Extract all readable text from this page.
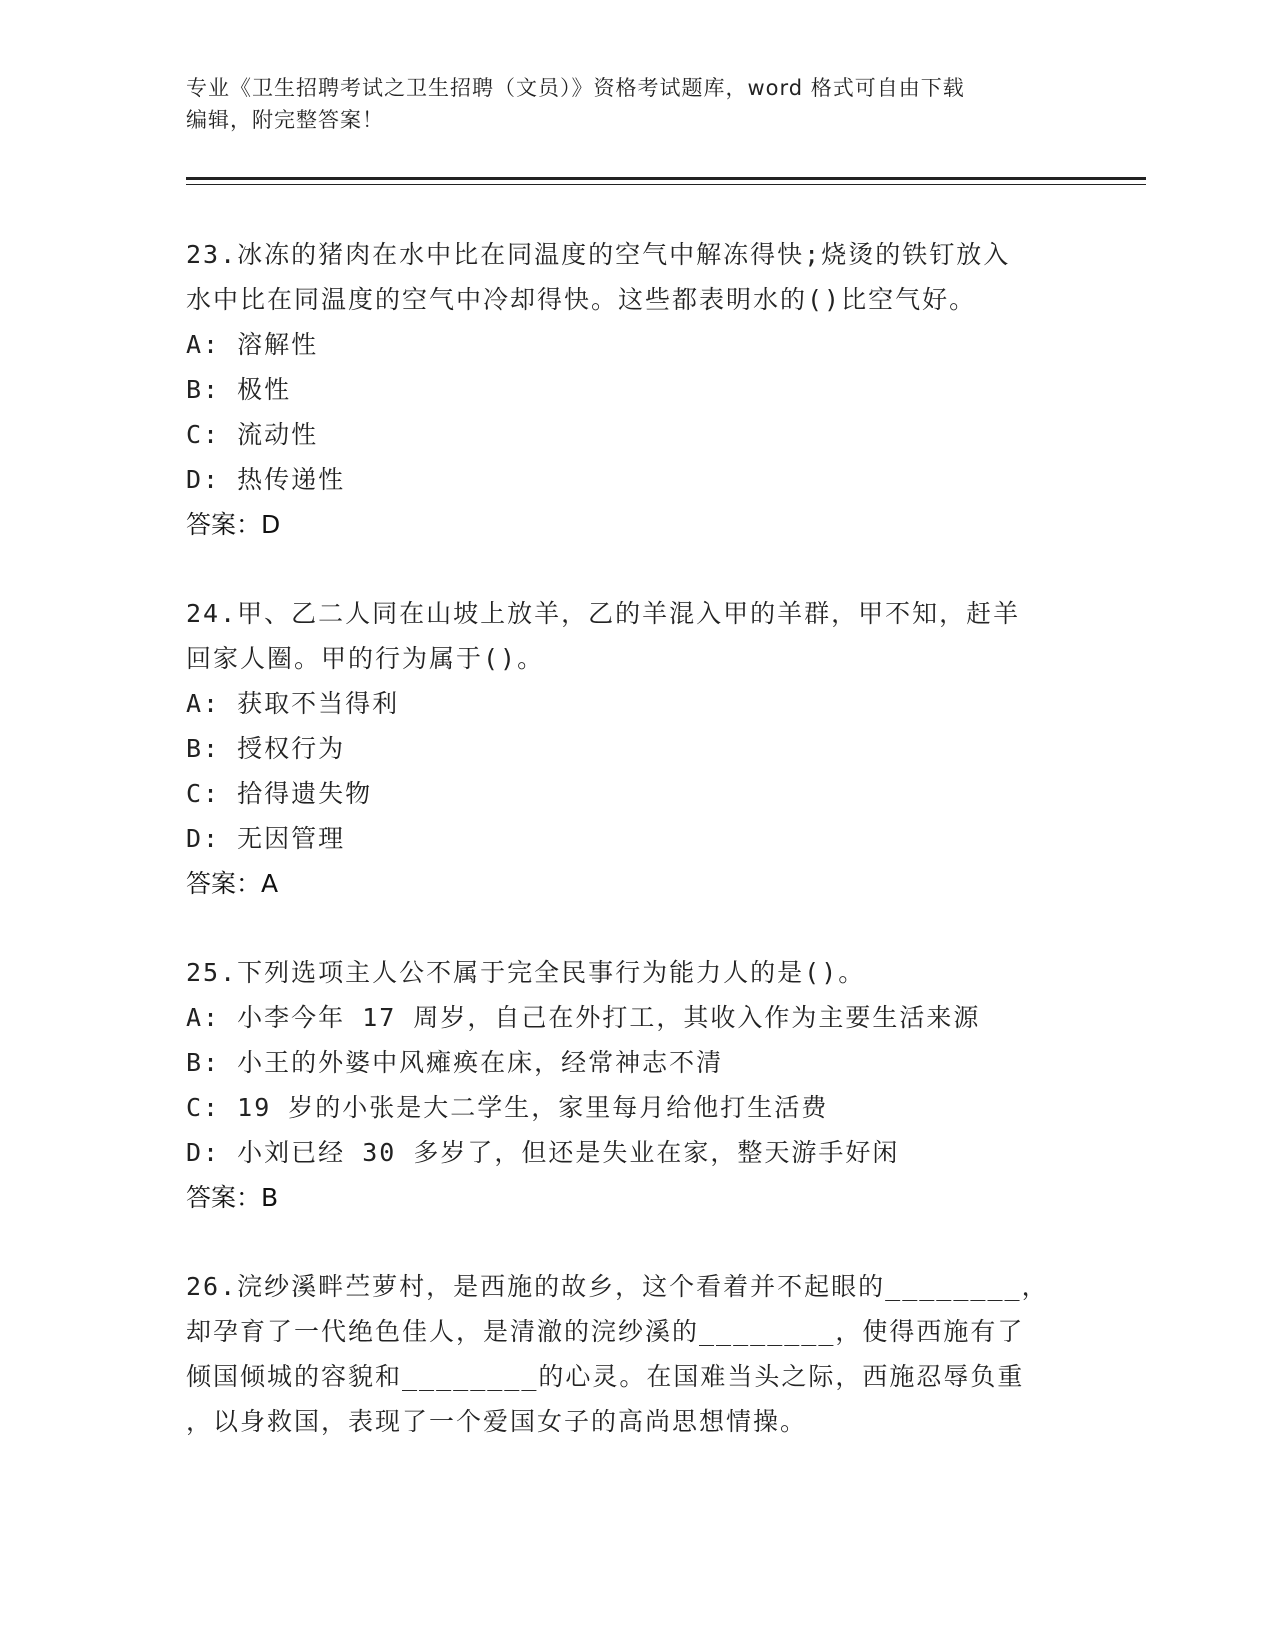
专业《卫生招聘考试之卫生招聘（文员）》资格考试题库，word 格式可自由下载
编辑，附完整答案！

23.冰冻的猪肉在水中比在同温度的空气中解冻得快;烧烫的铁钉放入

水中比在同温度的空气中冷却得快。这些都表明水的()比空气好。

A: 溶解性

B: 极性

C: 流动性

D: 热传递性

答案：D

24.甲、乙二人同在山坡上放羊，乙的羊混入甲的羊群，甲不知，赶羊

回家人圈。甲的行为属于()。

A: 获取不当得利

B: 授权行为

C: 拾得遗失物

D: 无因管理

答案：A

25.下列选项主人公不属于完全民事行为能力人的是()。

A: 小李今年 17 周岁，自己在外打工，其收入作为主要生活来源

B: 小王的外婆中风瘫痪在床，经常神志不清

C: 19 岁的小张是大二学生，家里每月给他打生活费

D: 小刘已经 30 多岁了，但还是失业在家，整天游手好闲

答案：B

26.浣纱溪畔苎萝村，是西施的故乡，这个看着并不起眼的________，

却孕育了一代绝色佳人，是清澈的浣纱溪的________，使得西施有了

倾国倾城的容貌和________的心灵。在国难当头之际，西施忍辱负重

，以身救国，表现了一个爱国女子的高尚思想情操。
